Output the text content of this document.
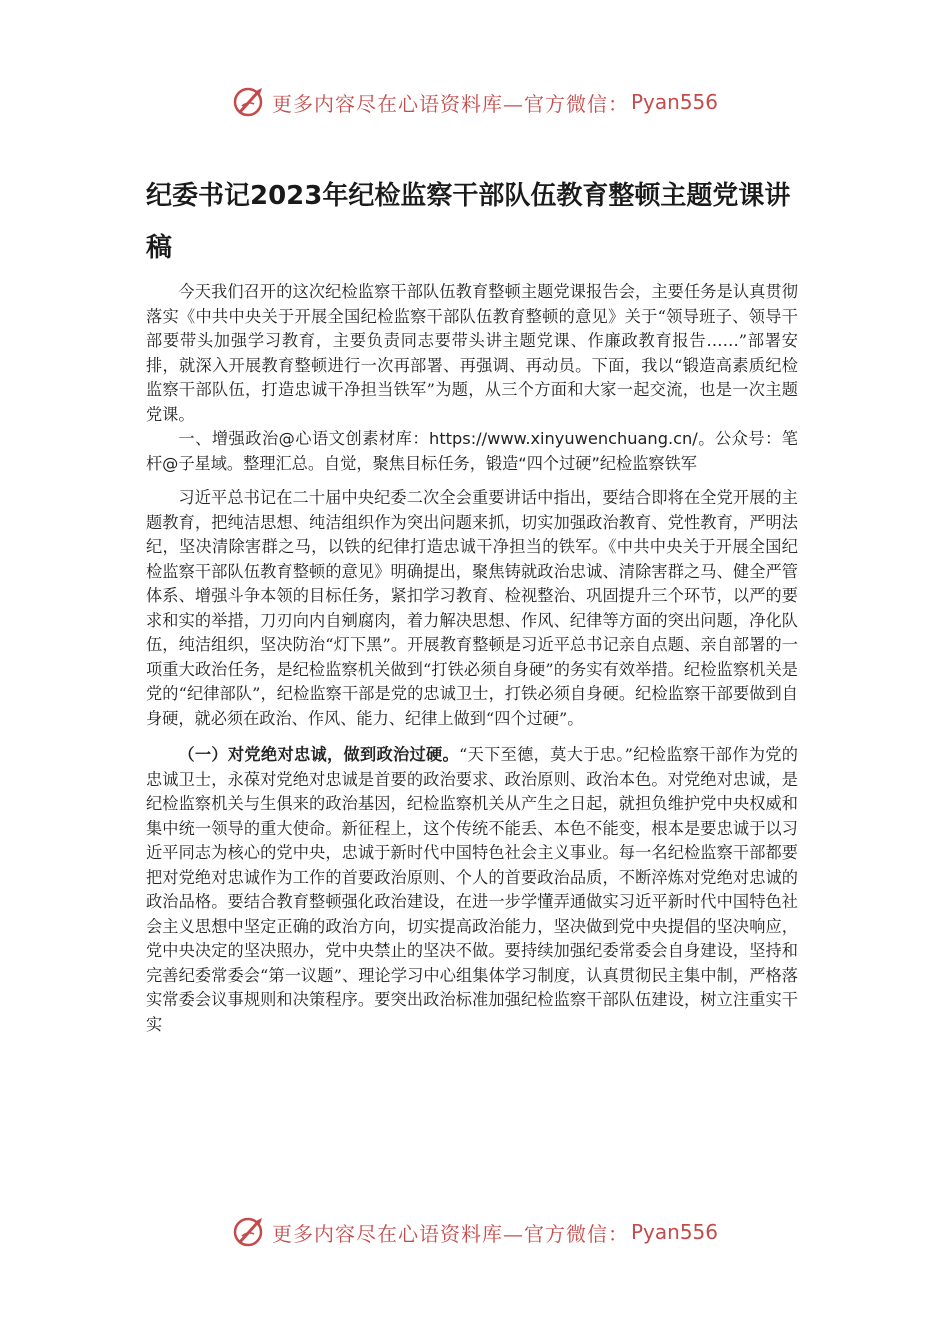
更多内容尽在心语资料库—官方微信： Pyan556
纪委书记2023年纪检监察干部队伍教育整顿主题党课讲稿

今天我们召开的这次纪检监察干部队伍教育整顿主题党课报告会，主要任务是认真贯彻落实《中共中央关于开展全国纪检监察干部队伍教育整顿的意见》关于“领导班子、领导干部要带头加强学习教育，主要负责同志要带头讲主题党课、作廉政教育报告……”部署安排，就深入开展教育整顿进行一次再部署、再强调、再动员。下面，我以“锻造高素质纪检监察干部队伍，打造忠诚干净担当铁军”为题，从三个方面和大家一起交流，也是一次主题党课。

一、增强政治@心语文创素材库：https://www.xinyuwenchuang.cn/。公众号：笔杆@子星域。整理汇总。自觉，聚焦目标任务，锻造“四个过硬”纪检监察铁军

习近平总书记在二十届中央纪委二次全会重要讲话中指出，要结合即将在全党开展的主题教育，把纯洁思想、纯洁组织作为突出问题来抓，切实加强政治教育、党性教育，严明法纪，坚决清除害群之马，以铁的纪律打造忠诚干净担当的铁军。《中共中央关于开展全国纪检监察干部队伍教育整顿的意见》明确提出，聚焦铸就政治忠诚、清除害群之马、健全严管体系、增强斗争本领的目标任务，紧扣学习教育、检视整治、巩固提升三个环节，以严的要求和实的举措，刀刃向内自剜腐肉，着力解决思想、作风、纪律等方面的突出问题，净化队伍，纯洁组织，坚决防治“灯下黑”。开展教育整顿是习近平总书记亲自点题、亲自部署的一项重大政治任务，是纪检监察机关做到“打铁必须自身硬”的务实有效举措。纪检监察机关是党的“纪律部队”，纪检监察干部是党的忠诚卫士，打铁必须自身硬。纪检监察干部要做到自身硬，就必须在政治、作风、能力、纪律上做到“四个过硬”。

（一）对党绝对忠诚，做到政治过硬。“天下至德，莫大于忠。”纪检监察干部作为党的忠诚卫士，永葆对党绝对忠诚是首要的政治要求、政治原则、政治本色。对党绝对忠诚，是纪检监察机关与生俱来的政治基因，纪检监察机关从产生之日起，就担负维护党中央权威和集中统一领导的重大使命。新征程上，这个传统不能丢、本色不能变，根本是要忠诚于以习近平同志为核心的党中央，忠诚于新时代中国特色社会主义事业。每一名纪检监察干部都要把对党绝对忠诚作为工作的首要政治原则、个人的首要政治品质，不断淬炼对党绝对忠诚的政治品格。要结合教育整顿强化政治建设，在进一步学懂弄通做实习近平新时代中国特色社会主义思想中坚定正确的政治方向，切实提高政治能力，坚决做到党中央提倡的坚决响应，党中央决定的坚决照办，党中央禁止的坚决不做。要持续加强纪委常委会自身建设，坚持和完善纪委常委会“第一议题”、理论学习中心组集体学习制度，认真贯彻民主集中制，严格落实常委会议事规则和决策程序。要突出政治标准加强纪检监察干部队伍建设，树立注重实干实

更多内容尽在心语资料库—官方微信： Pyan556
